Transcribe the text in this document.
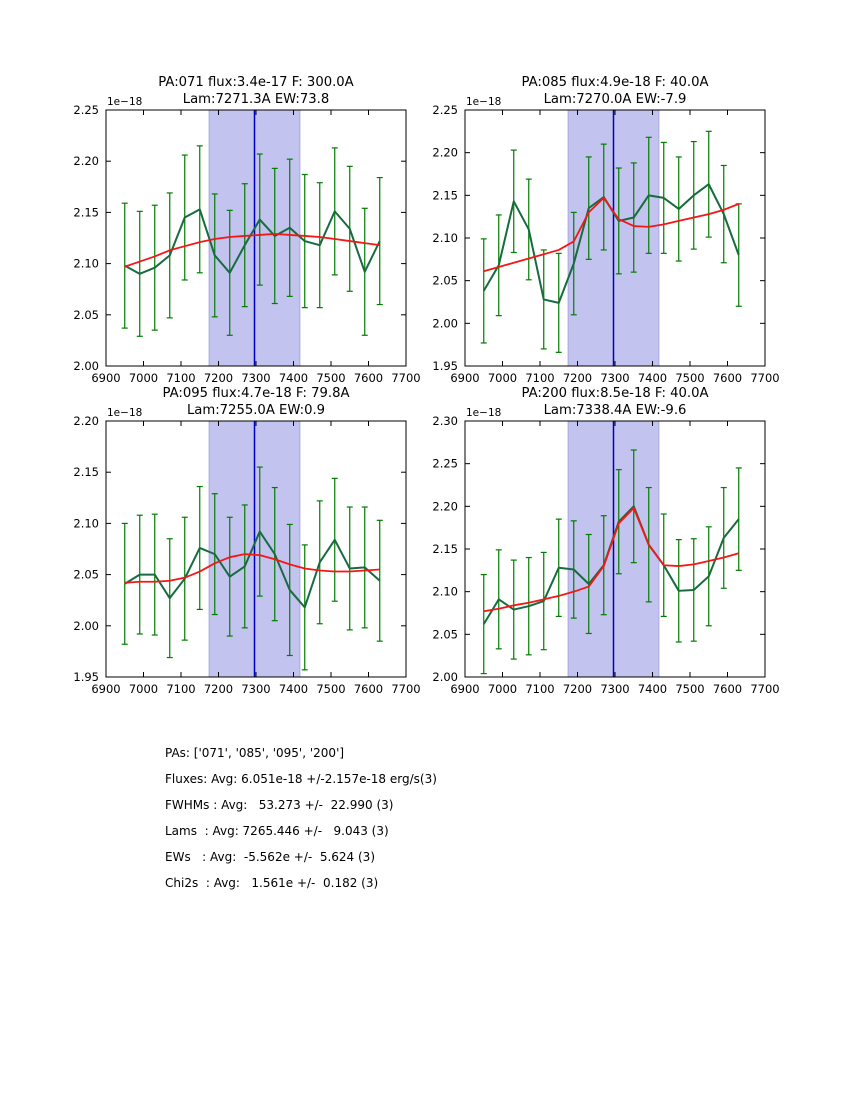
6900 7000 7100 7200 7300 7400 7500 7600 7700
2.00
2.05
2.10
2.15
2.20
2.25
1e−18
PA:071 flux:3.4e-17 F: 300.0A
Lam:7271.3A EW:73.8
6900 7000 7100 7200 7300 7400 7500 7600 7700
1.95
2.00
2.05
2.10
2.15
2.20
2.25
1e−18
PA:085 flux:4.9e-18 F: 40.0A
Lam:7270.0A EW:-7.9
6900 7000 7100 7200 7300 7400 7500 7600 7700
1.95
2.00
2.05
2.10
2.15
2.20
1e−18
PA:095 flux:4.7e-18 F: 79.8A
Lam:7255.0A EW:0.9
6900 7000 7100 7200 7300 7400 7500 7600 7700
2.00
2.05
2.10
2.15
2.20
2.25
2.30
1e−18
PA:200 flux:8.5e-18 F: 40.0A
Lam:7338.4A EW:-9.6
PAs: ['071', '085', '095', '200']
Fluxes: Avg: 6.051e-18 +/-2.157e-18 erg/s(3)
FWHMs : Avg:   53.273 +/-  22.990 (3)
Lams  : Avg: 7265.446 +/-   9.043 (3)
EWs   : Avg:  -5.562e +/-  5.624 (3)
Chi2s  : Avg:   1.561e +/-  0.182 (3)
